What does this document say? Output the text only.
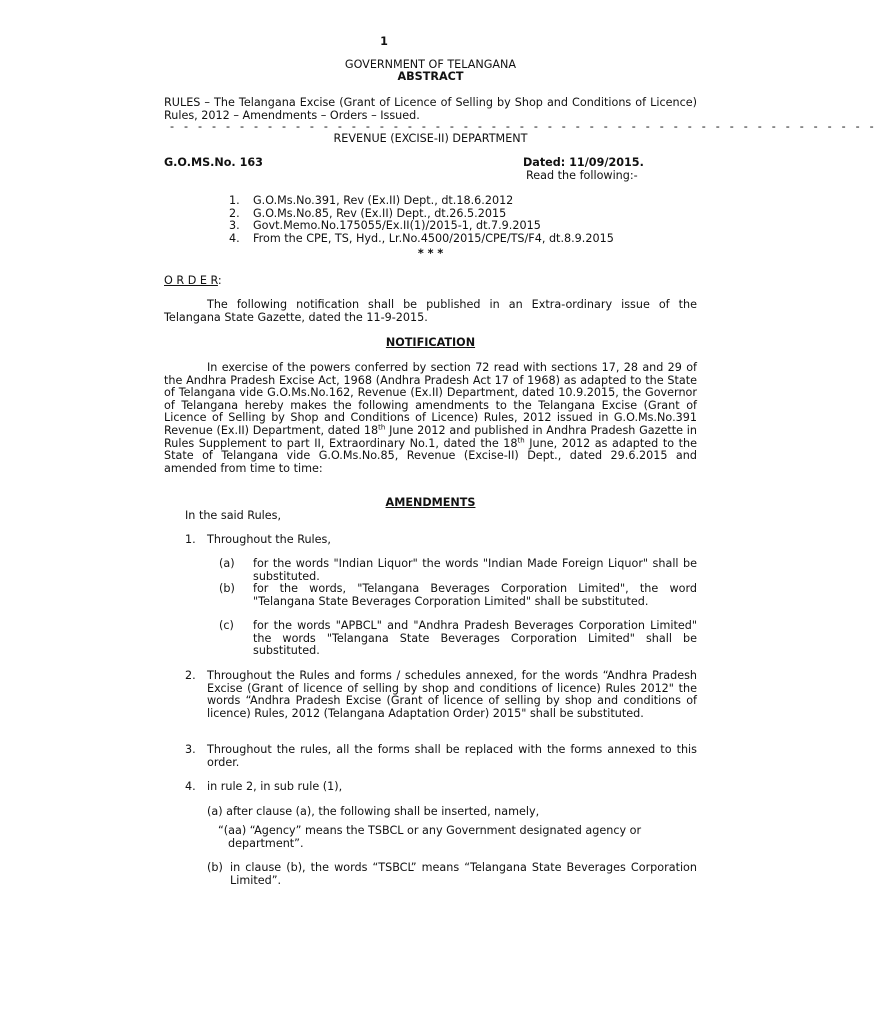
1
GOVERNMENT OF TELANGANA
ABSTRACT
RULES – The Telangana Excise (Grant of Licence of Selling by Shop and Conditions of Licence) Rules, 2012 – Amendments – Orders – Issued.
- - - - - - - - - - - - - - - - - - - - - - - - - - - - - - - - - - - - - - - - - - - - - - - - - - -
REVENUE (EXCISE-II) DEPARTMENT
G.O.MS.No. 163	Dated: 11/09/2015.
Read the following:-
1.	G.O.Ms.No.391, Rev (Ex.II) Dept., dt.18.6.2012
2.	G.O.Ms.No.85, Rev (Ex.II) Dept., dt.26.5.2015
3.	Govt.Memo.No.175055/Ex.II(1)/2015-1, dt.7.9.2015
4.	From the CPE, TS, Hyd., Lr.No.4500/2015/CPE/TS/F4, dt.8.9.2015
* * *
O R D E R:
The following notification shall be published in an Extra-ordinary issue of the Telangana State Gazette, dated the 11-9-2015.
NOTIFICATION
In exercise of the powers conferred by section 72 read with sections 17, 28 and 29 of the Andhra Pradesh Excise Act, 1968 (Andhra Pradesh Act 17 of 1968) as adapted to the State of Telangana vide G.O.Ms.No.162, Revenue (Ex.II) Department, dated 10.9.2015, the Governor of Telangana hereby makes the following amendments to the Telangana Excise (Grant of Licence of Selling by Shop and Conditions of Licence) Rules, 2012 issued in G.O.Ms.No.391 Revenue (Ex.II) Department, dated 18th June 2012 and published in Andhra Pradesh Gazette in Rules Supplement to part II, Extraordinary No.1, dated the 18th June, 2012 as adapted to the State of Telangana vide G.O.Ms.No.85, Revenue (Excise-II) Dept., dated 29.6.2015 and amended from time to time:
AMENDMENTS
In the said Rules,
1.	Throughout the Rules,
(a)	for the words "Indian Liquor" the words "Indian Made Foreign Liquor" shall be substituted.
(b)	for the words, "Telangana Beverages Corporation Limited", the word "Telangana State Beverages Corporation Limited" shall be substituted.
(c)	for the words "APBCL" and "Andhra Pradesh Beverages Corporation Limited" the words "Telangana State Beverages Corporation Limited" shall be substituted.
2.	Throughout the Rules and forms / schedules annexed, for the words “Andhra Pradesh Excise (Grant of licence of selling by shop and conditions of licence) Rules 2012" the words “Andhra Pradesh Excise (Grant of licence of selling by shop and conditions of licence) Rules, 2012 (Telangana Adaptation Order) 2015" shall be substituted.
3.	Throughout the rules, all the forms shall be replaced with the forms annexed to this order.
4.	in rule 2, in sub rule (1),
(a) after clause (a), the following shall be inserted, namely,
“(aa) “Agency” means the TSBCL or any Government designated agency or department”.
(b) in clause (b), the words “TSBCL” means “Telangana State Beverages Corporation Limited”.
